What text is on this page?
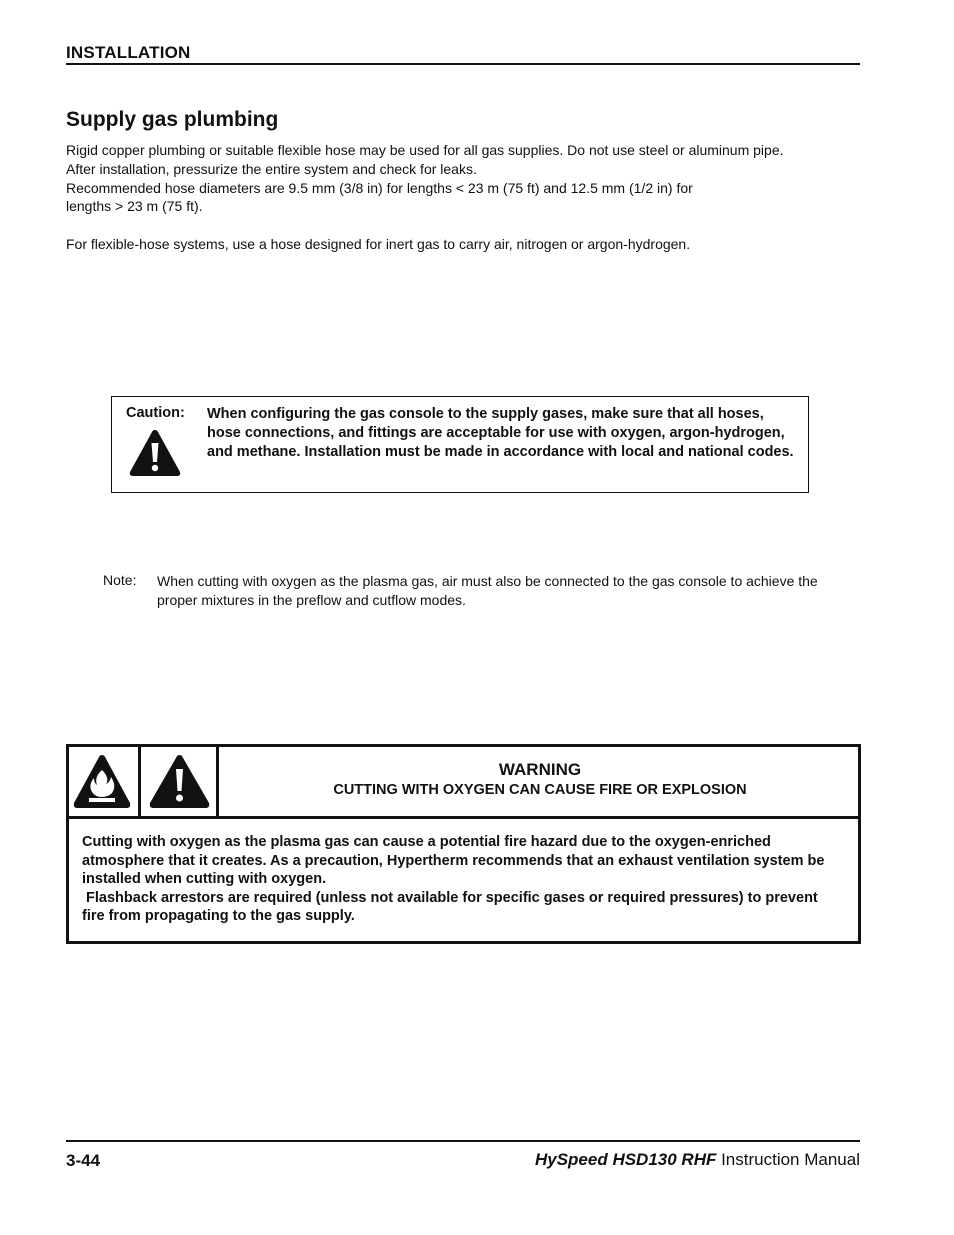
INSTALLATION
Supply gas plumbing
Rigid copper plumbing or suitable flexible hose may be used for all gas supplies. Do not use steel or aluminum pipe.
After installation, pressurize the entire system and check for leaks.
Recommended hose diameters are 9.5 mm (3/8 in) for lengths < 23 m (75 ft) and 12.5 mm (1/2 in) for
lengths > 23 m (75 ft).
For flexible-hose systems, use a hose designed for inert gas to carry air, nitrogen or argon-hydrogen.
Caution: When configuring the gas console to the supply gases, make sure that all hoses, hose connections, and fittings are acceptable for use with oxygen, argon-hydrogen, and methane. Installation must be made in accordance with local and national codes.
Note: When cutting with oxygen as the plasma gas, air must also be connected to the gas console to achieve the proper mixtures in the preflow and cutflow modes.
WARNING
CUTTING WITH OXYGEN CAN CAUSE FIRE OR EXPLOSION
Cutting with oxygen as the plasma gas can cause a potential fire hazard due to the oxygen-enriched atmosphere that it creates. As a precaution, Hypertherm recommends that an exhaust ventilation system be installed when cutting with oxygen.
Flashback arrestors are required (unless not available for specific gases or required pressures) to prevent fire from propagating to the gas supply.
3-44	HySpeed HSD130 RHF Instruction Manual
